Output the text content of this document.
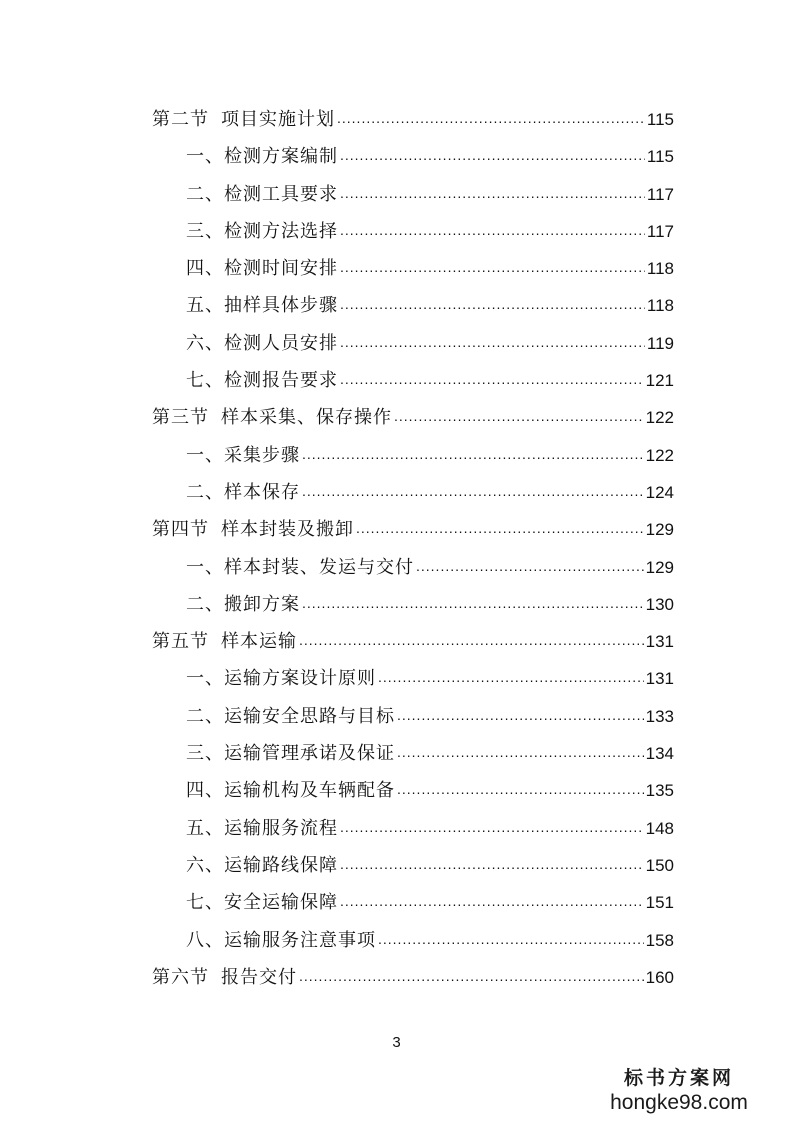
第二节 项目实施计划 .....	115
一、检测方案编制 .....	115
二、检测工具要求 .....	117
三、检测方法选择 .....	117
四、检测时间安排 .....	118
五、抽样具体步骤 .....	118
六、检测人员安排 .....	119
七、检测报告要求 .....	121
第三节 样本采集、保存操作 .....	122
一、采集步骤 .....	122
二、样本保存 .....	124
第四节 样本封装及搬卸 .....	129
一、样本封装、发运与交付 .....	129
二、搬卸方案 .....	130
第五节 样本运输 .....	131
一、运输方案设计原则 .....	131
二、运输安全思路与目标 .....	133
三、运输管理承诺及保证 .....	134
四、运输机构及车辆配备 .....	135
五、运输服务流程 .....	148
六、运输路线保障 .....	150
七、安全运输保障 .....	151
八、运输服务注意事项 .....	158
第六节 报告交付 .....	160
3
标书方案网
hongke98.com
